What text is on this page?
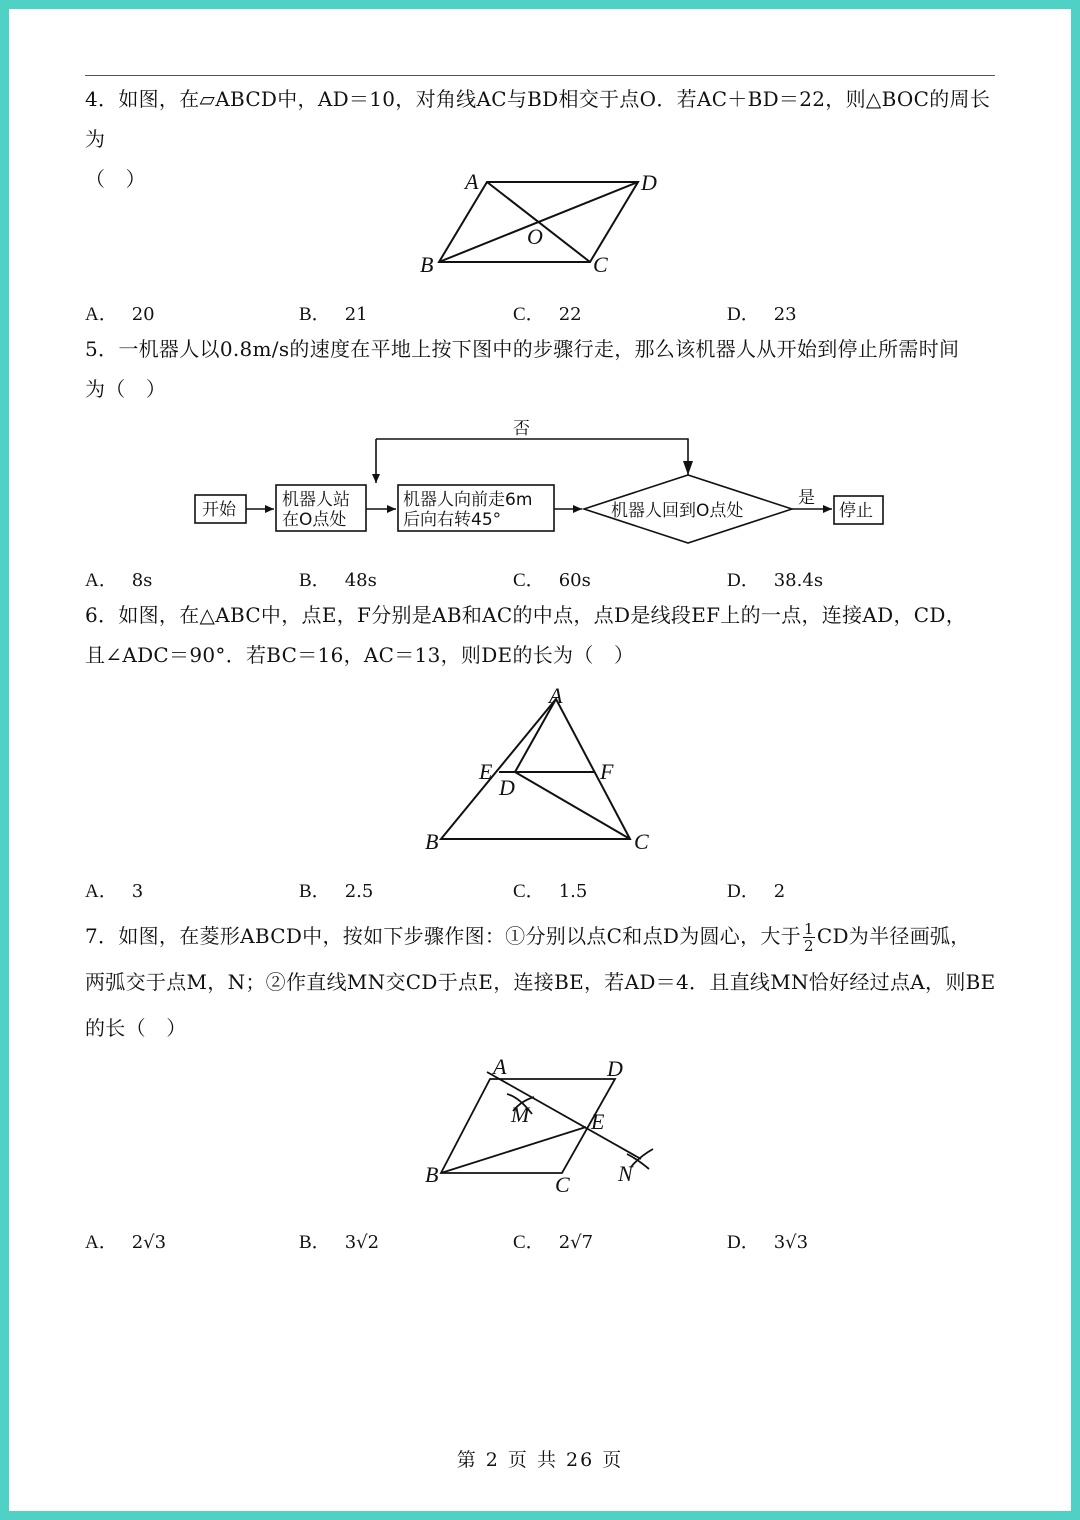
4．如图，在▱ABCD中，AD＝10，对角线AC与BD相交于点O．若AC＋BD＝22，则△BOC的周长为
（　）	A	D
O
B	C
A． 20	B． 21	C． 22	D． 23
5．一机器人以0.8m/s的速度在平地上按下图中的步骤行走，那么该机器人从开始到停止所需时间
为（　）
开始	机器人站
在O点处
机器人向前走6m
后向右转45°	机器人回到O点处
否
是
停止
A． 8s	B． 48s	C． 60s	D． 38.4s
6．如图，在△ABC中，点E，F分别是AB和AC的中点，点D是线段EF上的一点，连接AD，CD，
且∠ADC＝90°．若BC＝16，AC＝13，则DE的长为（　）
A
E	F
D
B	C
A． 3	B． 2.5	C． 1.5	D． 2
7．如图，在菱形ABCD中，按如下步骤作图：①分别以点C和点D为圆心，大于 $\frac{1}{2}$ CD为半径画弧，
两弧交于点M，N；②作直线MN交CD于点E，连接BE，若AD＝4．且直线MN恰好经过点A，则BE
的长（　）
A	D
M	E
B	C N
A． 2√3	B． 3√2	C． 2√7	D． 3√3
第 2 页 共 26 页
